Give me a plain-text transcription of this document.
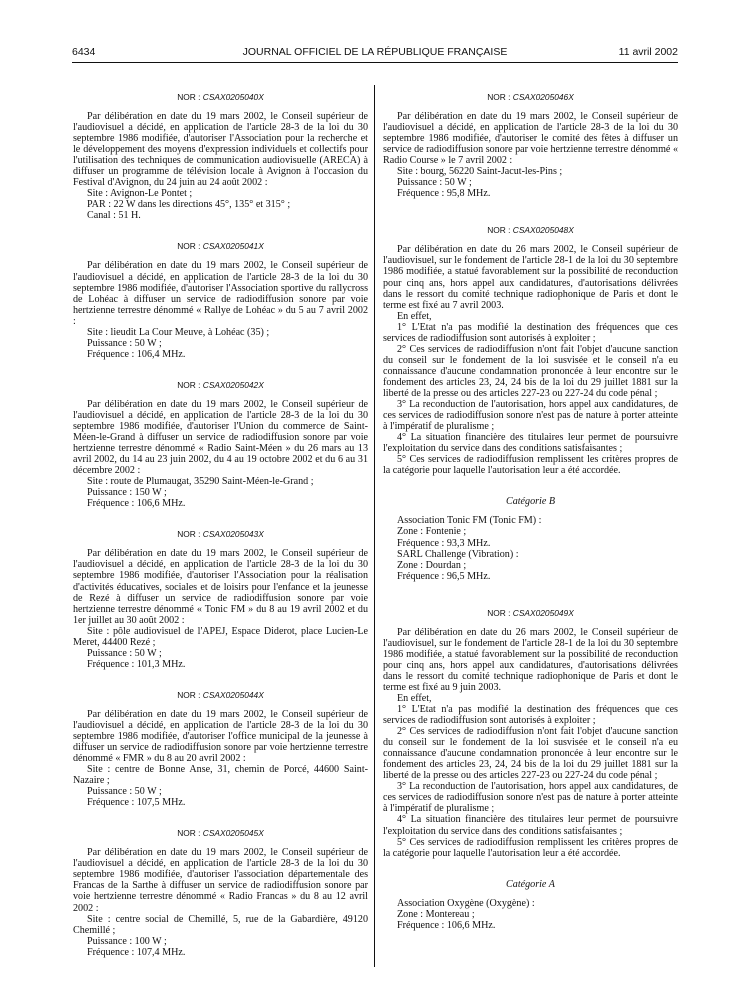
6434	JOURNAL OFFICIEL DE LA RÉPUBLIQUE FRANÇAISE	11 avril 2002
NOR : CSAX0205040X

Par délibération en date du 19 mars 2002, le Conseil supérieur de l'audiovisuel a décidé, en application de l'article 28-3 de la loi du 30 septembre 1986 modifiée, d'autoriser l'Association pour la recherche et le développement des moyens d'expression individuels et collectifs pour l'utilisation des techniques de communication audiovisuelle (ARECA) à diffuser un programme de télévision locale à Avignon à l'occasion du Festival d'Avignon, du 24 juin au 24 août 2002 :

Site : Avignon-Le Pontet ;

PAR : 22 W dans les directions 45°, 135° et 315° ;

Canal : 51 H.

NOR : CSAX0205041X

Par délibération en date du 19 mars 2002, le Conseil supérieur de l'audiovisuel a décidé, en application de l'article 28-3 de la loi du 30 septembre 1986 modifiée, d'autoriser l'Association sportive du rallycross de Lohéac à diffuser un service de radiodiffusion sonore par voie hertzienne terrestre dénommé « Rallye de Lohéac » du 5 au 7 avril 2002 :

Site : lieudit La Cour Meuve, à Lohéac (35) ;

Puissance : 50 W ;

Fréquence : 106,4 MHz.

NOR : CSAX0205042X

Par délibération en date du 19 mars 2002, le Conseil supérieur de l'audiovisuel a décidé, en application de l'article 28-3 de la loi du 30 septembre 1986 modifiée, d'autoriser l'Union du commerce de Saint-Méen-le-Grand à diffuser un service de radiodiffusion sonore par voie hertzienne terrestre dénommé « Radio Saint-Méen » du 26 mars au 13 avril 2002, du 14 au 23 juin 2002, du 4 au 19 octobre 2002 et du 6 au 31 décembre 2002 :

Site : route de Plumaugat, 35290 Saint-Méen-le-Grand ;

Puissance : 150 W ;

Fréquence : 106,6 MHz.

NOR : CSAX0205043X

Par délibération en date du 19 mars 2002, le Conseil supérieur de l'audiovisuel a décidé, en application de l'article 28-3 de la loi du 30 septembre 1986 modifiée, d'autoriser l'Association pour la réalisation d'activités éducatives, sociales et de loisirs pour l'enfance et la jeunesse de Rezé à diffuser un service de radiodiffusion sonore par voie hertzienne terrestre dénommé « Tonic FM » du 8 au 19 avril 2002 et du 1er juillet au 30 août 2002 :

Site : pôle audiovisuel de l'APEJ, Espace Diderot, place Lucien-Le Meret, 44400 Rezé ;

Puissance : 50 W ;

Fréquence : 101,3 MHz.

NOR : CSAX0205044X

Par délibération en date du 19 mars 2002, le Conseil supérieur de l'audiovisuel a décidé, en application de l'article 28-3 de la loi du 30 septembre 1986 modifiée, d'autoriser l'office municipal de la jeunesse à diffuser un service de radiodiffusion sonore par voie hertzienne terrestre dénommé « FMR » du 8 au 20 avril 2002 :

Site : centre de Bonne Anse, 31, chemin de Porcé, 44600 Saint-Nazaire ;

Puissance : 50 W ;

Fréquence : 107,5 MHz.

NOR : CSAX0205045X

Par délibération en date du 19 mars 2002, le Conseil supérieur de l'audiovisuel a décidé, en application de l'article 28-3 de la loi du 30 septembre 1986 modifiée, d'autoriser l'association départementale des Francas de la Sarthe à diffuser un service de radiodiffusion sonore par voie hertzienne terrestre dénommé « Radio Francas » du 8 au 12 avril 2002 :

Site : centre social de Chemillé, 5, rue de la Gabardière, 49120 Chemillé ;

Puissance : 100 W ;

Fréquence : 107,4 MHz.

NOR : CSAX0205046X

Par délibération en date du 19 mars 2002, le Conseil supérieur de l'audiovisuel a décidé, en application de l'article 28-3 de la loi du 30 septembre 1986 modifiée, d'autoriser le comité des fêtes à diffuser un service de radiodiffusion sonore par voie hertzienne terrestre dénommé « Radio Course » le 7 avril 2002 :

Site : bourg, 56220 Saint-Jacut-les-Pins ;

Puissance : 50 W ;

Fréquence : 95,8 MHz.

NOR : CSAX0205048X

Par délibération en date du 26 mars 2002, le Conseil supérieur de l'audiovisuel, sur le fondement de l'article 28-1 de la loi du 30 septembre 1986 modifiée, a statué favorablement sur la possibilité de reconduction pour cinq ans, hors appel aux candidatures, d'autorisations délivrées dans le ressort du comité technique radiophonique de Paris et dont le terme est fixé au 7 avril 2003.

En effet,

1° L'Etat n'a pas modifié la destination des fréquences que ces services de radiodiffusion sont autorisés à exploiter ;

2° Ces services de radiodiffusion n'ont fait l'objet d'aucune sanction du conseil sur le fondement de la loi susvisée et le conseil n'a eu connaissance d'aucune condamnation prononcée à leur encontre sur le fondement des articles 23, 24, 24 bis de la loi du 29 juillet 1881 sur la liberté de la presse ou des articles 227-23 ou 227-24 du code pénal ;

3° La reconduction de l'autorisation, hors appel aux candidatures, de ces services de radiodiffusion sonore n'est pas de nature à porter atteinte à l'impératif de pluralisme ;

4° La situation financière des titulaires leur permet de poursuivre l'exploitation du service dans des conditions satisfaisantes ;

5° Ces services de radiodiffusion remplissent les critères propres de la catégorie pour laquelle l'autorisation leur a été accordée.

Catégorie B

Association Tonic FM (Tonic FM) :

Zone : Fontenie ;

Fréquence : 93,3 MHz.

SARL Challenge (Vibration) :

Zone : Dourdan ;

Fréquence : 96,5 MHz.

NOR : CSAX0205049X

Par délibération en date du 26 mars 2002, le Conseil supérieur de l'audiovisuel, sur le fondement de l'article 28-1 de la loi du 30 septembre 1986 modifiée, a statué favorablement sur la possibilité de reconduction pour cinq ans, hors appel aux candidatures, d'autorisations délivrées dans le ressort du comité technique radiophonique de Paris et dont le terme est fixé au 9 juin 2003.

En effet,

1° L'Etat n'a pas modifié la destination des fréquences que ces services de radiodiffusion sont autorisés à exploiter ;

2° Ces services de radiodiffusion n'ont fait l'objet d'aucune sanction du conseil sur le fondement de la loi susvisée et le conseil n'a eu connaissance d'aucune condamnation prononcée à leur encontre sur le fondement des articles 23, 24, 24 bis de la loi du 29 juillet 1881 sur la liberté de la presse ou des articles 227-23 ou 227-24 du code pénal ;

3° La reconduction de l'autorisation, hors appel aux candidatures, de ces services de radiodiffusion sonore n'est pas de nature à porter atteinte à l'impératif de pluralisme ;

4° La situation financière des titulaires leur permet de poursuivre l'exploitation du service dans des conditions satisfaisantes ;

5° Ces services de radiodiffusion remplissent les critères propres de la catégorie pour laquelle l'autorisation leur a été accordée.

Catégorie A

Association Oxygène (Oxygène) :

Zone : Montereau ;

Fréquence : 106,6 MHz.
